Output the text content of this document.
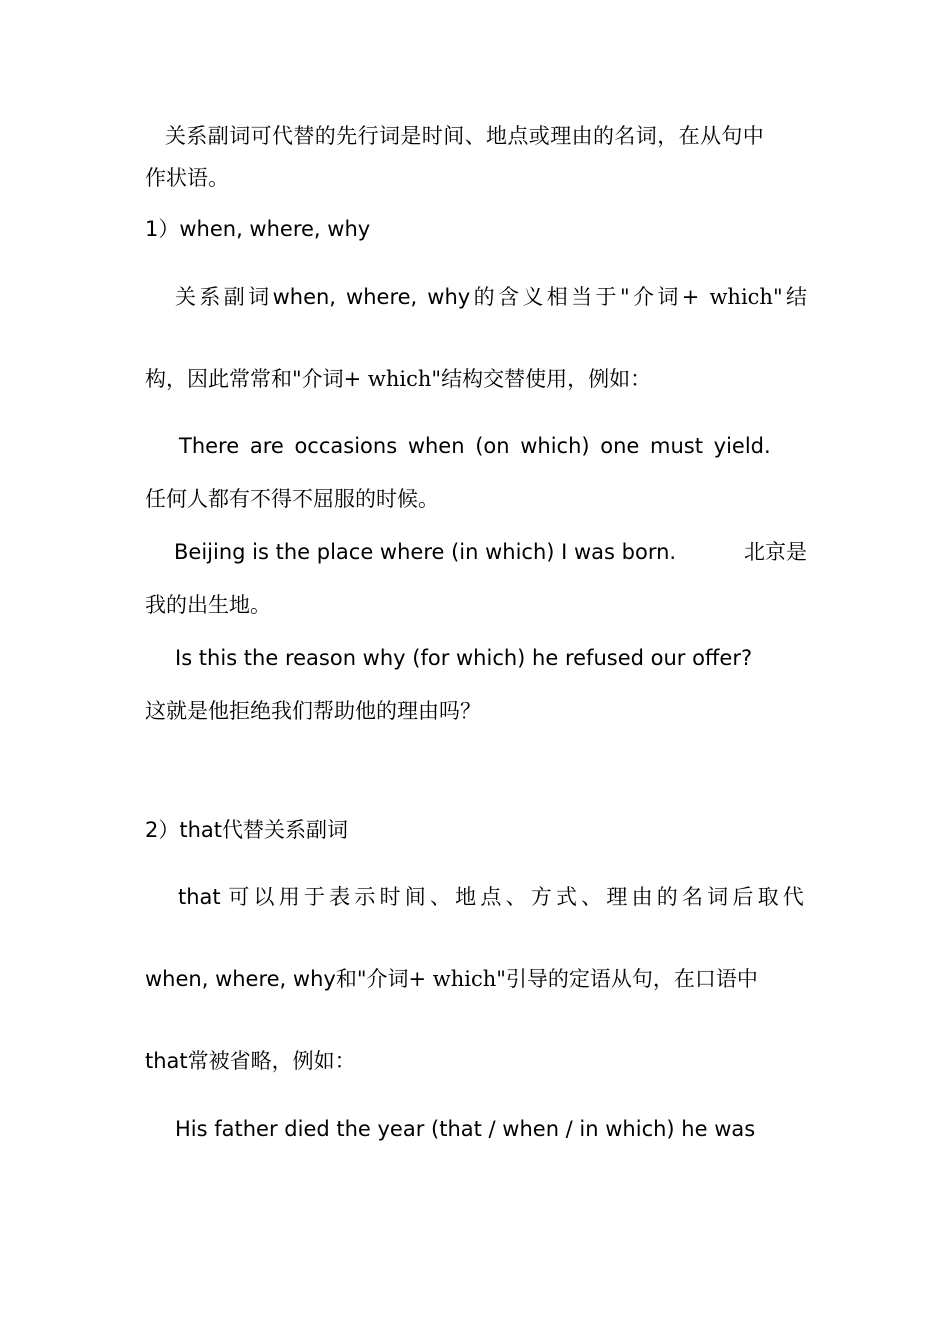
关系副词可代替的先行词是时间、地点或理由的名词，在从句中
作状语。
1）when, where, why
关系副词when, where, why的含义相当于"介词+ which"结
构，因此常常和"介词+ which"结构交替使用，例如：
There are occasions when (on which) one must yield.
任何人都有不得不屈服的时候。
Beijing is the place where (in which) I was born.	北京是
我的出生地。
Is this the reason why (for which) he refused our offer?
这就是他拒绝我们帮助他的理由吗？
2）that代替关系副词
that 可以用于表示时间、地点、方式、理由的名词后取代
when, where, why和"介词+ which"引导的定语从句，在口语中
that常被省略，例如：
His father died the year (that / when / in which) he was
